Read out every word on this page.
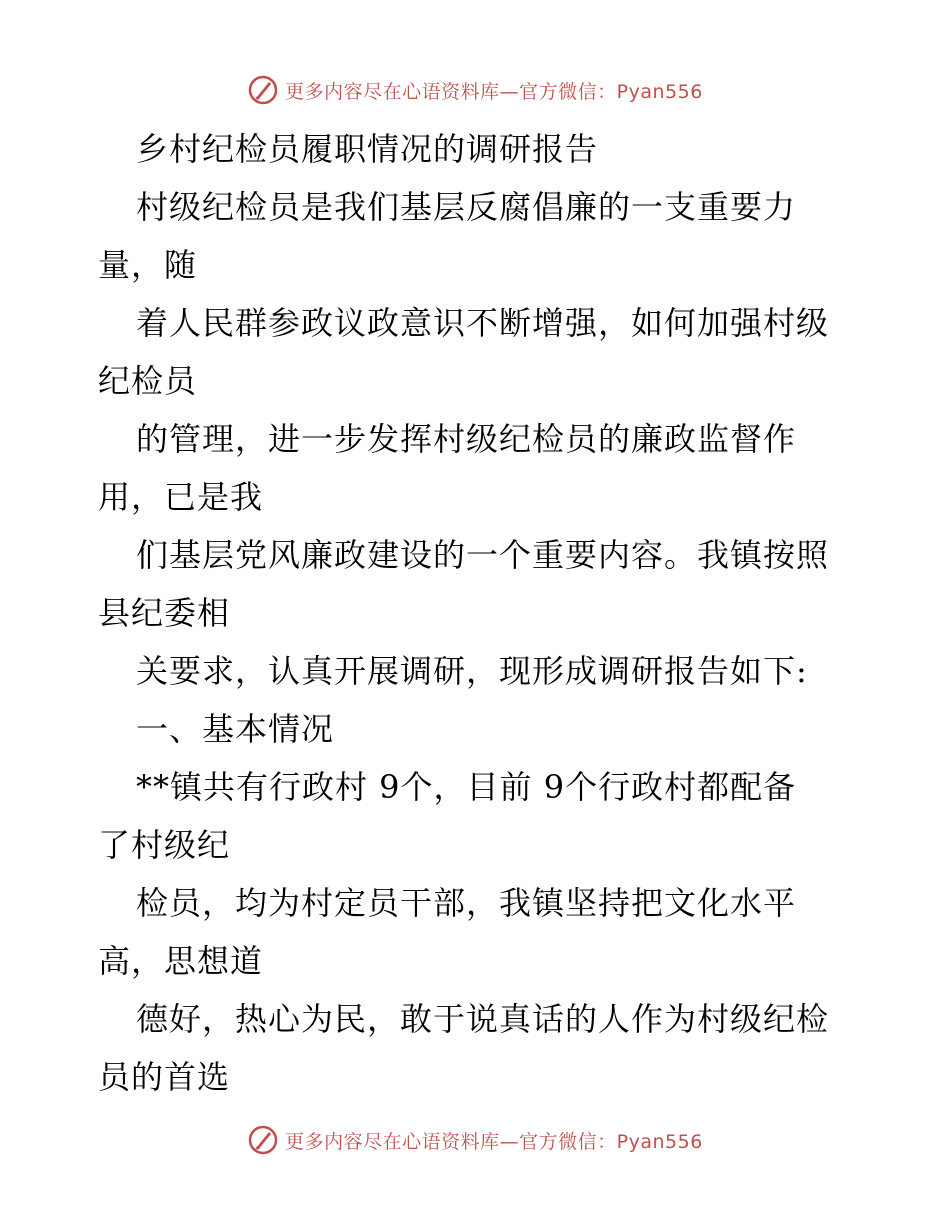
更多内容尽在心语资料库—官方微信：Pyan556
乡村纪检员履职情况的调研报告
村级纪检员是我们基层反腐倡廉的一支重要力
量，随
着人民群参政议政意识不断增强，如何加强村级
纪检员
的管理，进一步发挥村级纪检员的廉政监督作
用，已是我
们基层党风廉政建设的一个重要内容。我镇按照
县纪委相
关要求，认真开展调研，现形成调研报告如下:
一、基本情况
**镇共有行政村 9个，目前 9个行政村都配备
了村级纪
检员，均为村定员干部，我镇坚持把文化水平
高，思想道
德好，热心为民，敢于说真话的人作为村级纪检
员的首选
更多内容尽在心语资料库—官方微信：Pyan556
